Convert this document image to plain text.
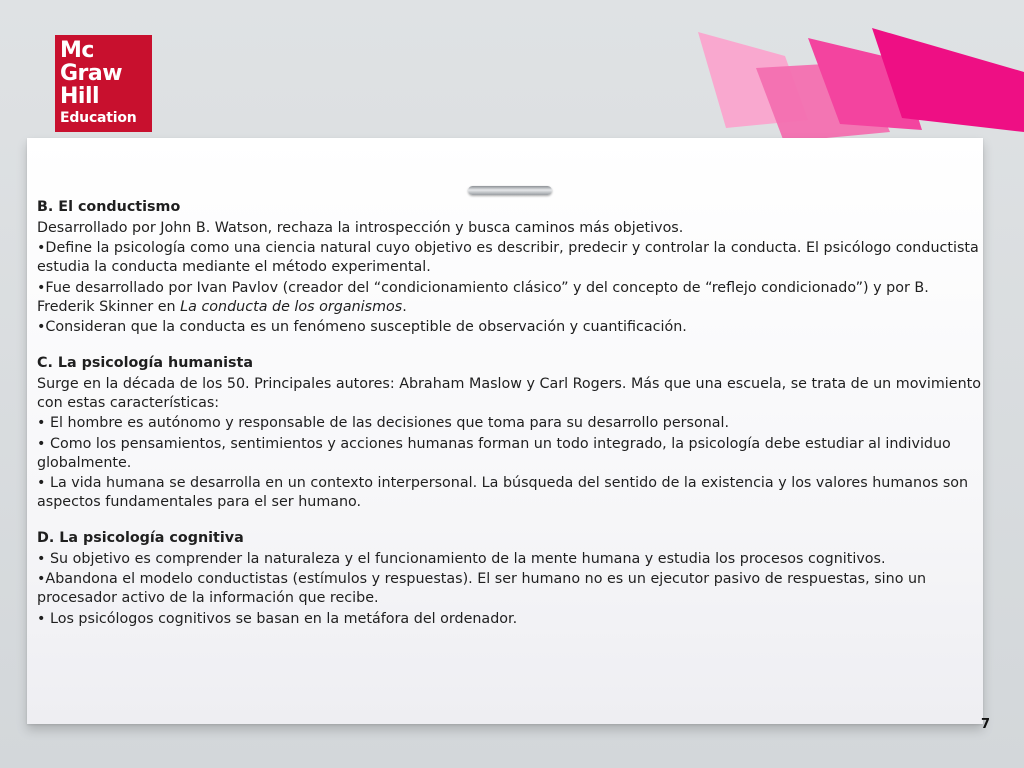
Mc
Graw
Hill
Education

B. El conductismo

Desarrollado por John B. Watson, rechaza la introspección y busca caminos más objetivos.

•Define la psicología como una ciencia natural cuyo objetivo es describir, predecir y controlar la conducta. El psicólogo conductista estudia la conducta mediante el método experimental.

•Fue desarrollado por Ivan Pavlov (creador del “condicionamiento clásico” y del concepto de “reflejo condicionado”) y por B. Frederik Skinner en La conducta de los organismos.

•Consideran que la conducta es un fenómeno susceptible de observación y cuantificación.

C. La psicología humanista

Surge en la década de los 50. Principales autores: Abraham Maslow y Carl Rogers. Más que una escuela, se trata de un movimiento con estas características:

• El hombre es autónomo y responsable de las decisiones que toma para su desarrollo personal.

• Como los pensamientos, sentimientos y acciones humanas forman un todo integrado, la psicología debe estudiar al individuo globalmente.

• La vida humana se desarrolla en un contexto interpersonal. La búsqueda del sentido de la existencia y los valores humanos son aspectos fundamentales para el ser humano.

D. La psicología cognitiva

• Su objetivo es comprender la naturaleza y el funcionamiento de la mente humana y estudia los procesos cognitivos.

•Abandona el modelo conductistas (estímulos y respuestas). El ser humano no es un ejecutor pasivo de respuestas, sino un procesador activo de la información que recibe.

• Los psicólogos cognitivos se basan en la metáfora del ordenador.

7
